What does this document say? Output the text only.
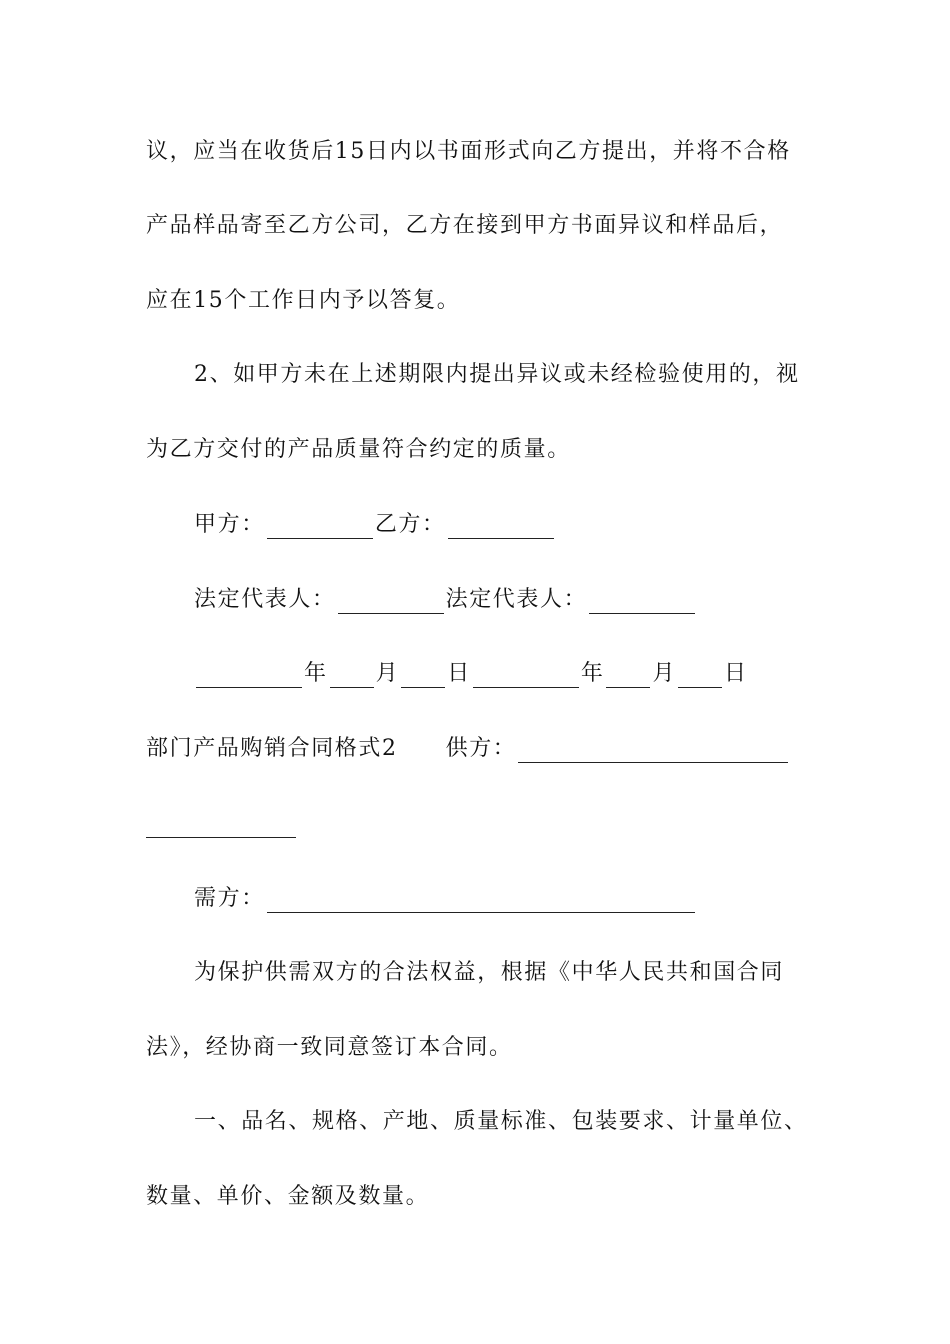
议，应当在收货后15日内以书面形式向乙方提出，并将不合格
产品样品寄至乙方公司，乙方在接到甲方书面异议和样品后，
应在15个工作日内予以答复。
2、如甲方未在上述期限内提出异议或未经检验使用的，视
为乙方交付的产品质量符合约定的质量。
甲方：	乙方：
法定代表人：	法定代表人：
年 月 日	年 月 日
部门产品购销合同格式2 供方：
需方：
为保护供需双方的合法权益，根据《中华人民共和国合同
法》，经协商一致同意签订本合同。
一、品名、规格、产地、质量标准、包装要求、计量单位、
数量、单价、金额及数量。
